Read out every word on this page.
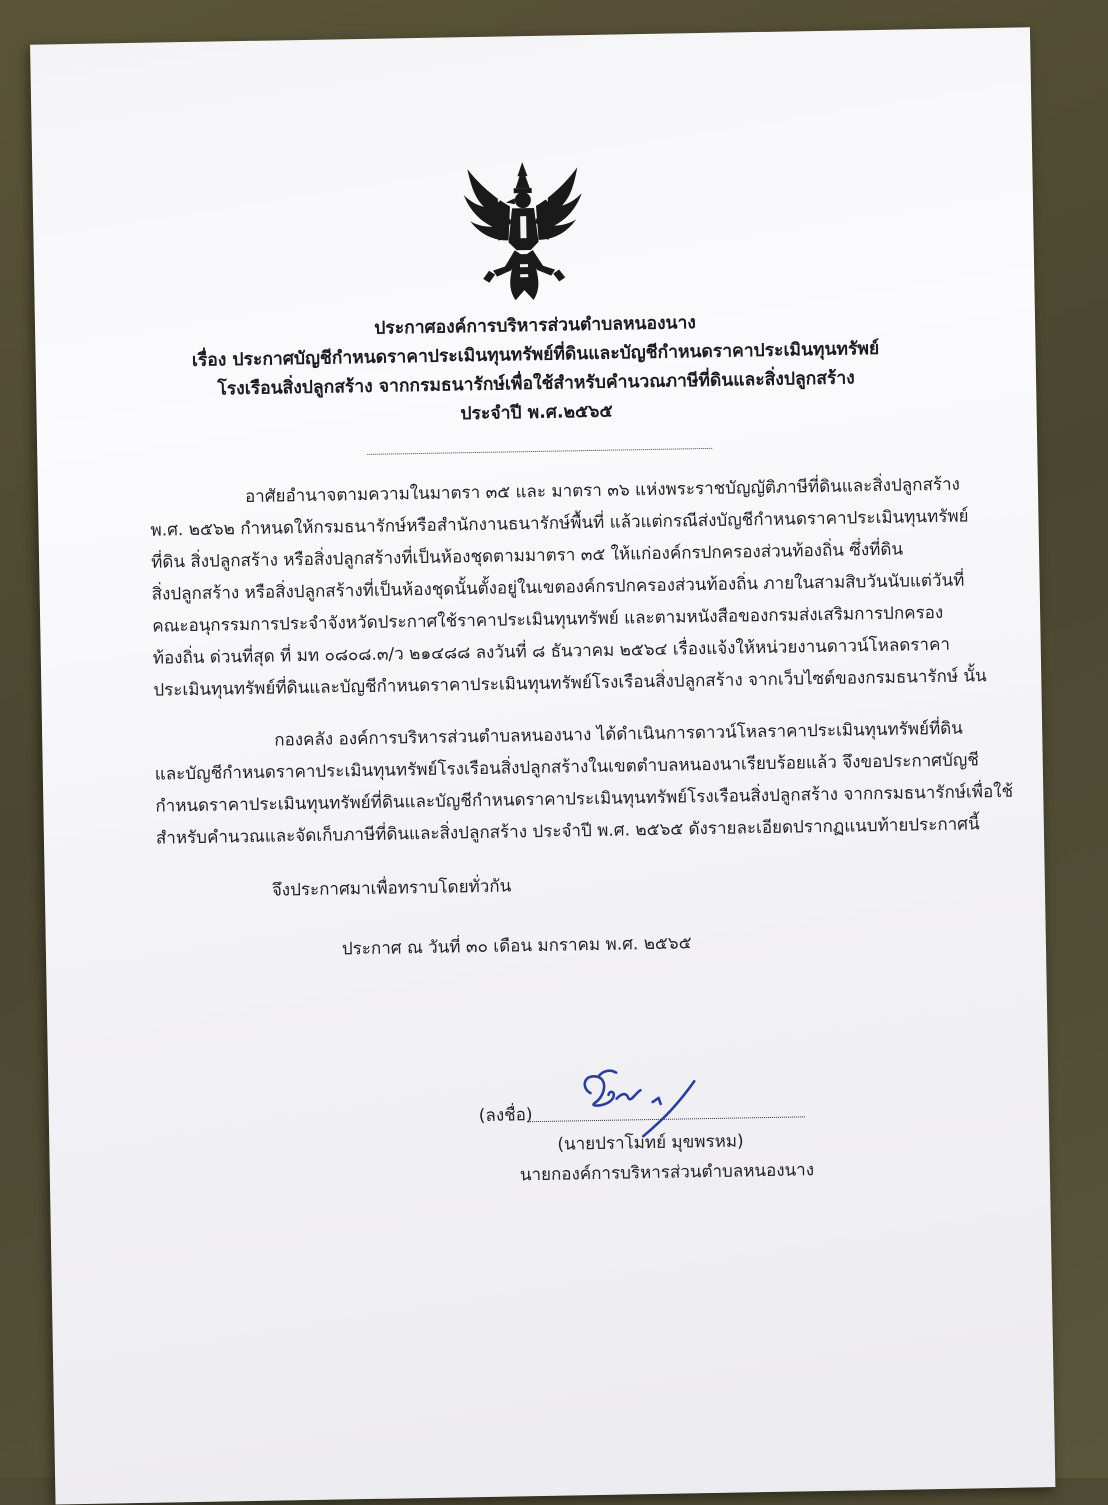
ประกาศองค์การบริหารส่วนตำบลหนองนาง
เรื่อง ประกาศบัญชีกำหนดราคาประเมินทุนทรัพย์ที่ดินและบัญชีกำหนดราคาประเมินทุนทรัพย์
โรงเรือนสิ่งปลูกสร้าง จากกรมธนารักษ์เพื่อใช้สำหรับคำนวณภาษีที่ดินและสิ่งปลูกสร้าง
ประจำปี พ.ศ.๒๕๖๕
อาศัยอำนาจตามความในมาตรา ๓๕ และ มาตรา ๓๖ แห่งพระราชบัญญัติภาษีที่ดินและสิ่งปลูกสร้าง
พ.ศ. ๒๕๖๒ กำหนดให้กรมธนารักษ์หรือสำนักงานธนารักษ์พื้นที่ แล้วแต่กรณีส่งบัญชีกำหนดราคาประเมินทุนทรัพย์
ที่ดิน สิ่งปลูกสร้าง หรือสิ่งปลูกสร้างที่เป็นห้องชุดตามมาตรา ๓๕ ให้แก่องค์กรปกครองส่วนท้องถิ่น ซึ่งที่ดิน
สิ่งปลูกสร้าง หรือสิ่งปลูกสร้างที่เป็นห้องชุดนั้นตั้งอยู่ในเขตองค์กรปกครองส่วนท้องถิ่น ภายในสามสิบวันนับแต่วันที่
คณะอนุกรรมการประจำจังหวัดประกาศใช้ราคาประเมินทุนทรัพย์ และตามหนังสือของกรมส่งเสริมการปกครอง
ท้องถิ่น ด่วนที่สุด ที่ มท ๐๘๐๘.๓/ว ๒๑๔๘๘ ลงวันที่ ๘ ธันวาคม ๒๕๖๔ เรื่องแจ้งให้หน่วยงานดาวน์โหลดราคา
ประเมินทุนทรัพย์ที่ดินและบัญชีกำหนดราคาประเมินทุนทรัพย์โรงเรือนสิ่งปลูกสร้าง จากเว็บไซต์ของกรมธนารักษ์ นั้น
กองคลัง องค์การบริหารส่วนตำบลหนองนาง ได้ดำเนินการดาวน์โหลราคาประเมินทุนทรัพย์ที่ดิน
และบัญชีกำหนดราคาประเมินทุนทรัพย์โรงเรือนสิ่งปลูกสร้างในเขตตำบลหนองนาเรียบร้อยแล้ว จึงขอประกาศบัญชี
กำหนดราคาประเมินทุนทรัพย์ที่ดินและบัญชีกำหนดราคาประเมินทุนทรัพย์โรงเรือนสิ่งปลูกสร้าง จากกรมธนารักษ์เพื่อใช้
สำหรับคำนวณและจัดเก็บภาษีที่ดินและสิ่งปลูกสร้าง ประจำปี พ.ศ. ๒๕๖๕ ดังรายละเอียดปรากฏแนบท้ายประกาศนี้
จึงประกาศมาเพื่อทราบโดยทั่วกัน
ประกาศ ณ วันที่ ๓๐ เดือน มกราคม พ.ศ. ๒๕๖๕
(ลงชื่อ)
(นายปราโมทย์ มุขพรหม)
นายกองค์การบริหารส่วนตำบลหนองนาง
